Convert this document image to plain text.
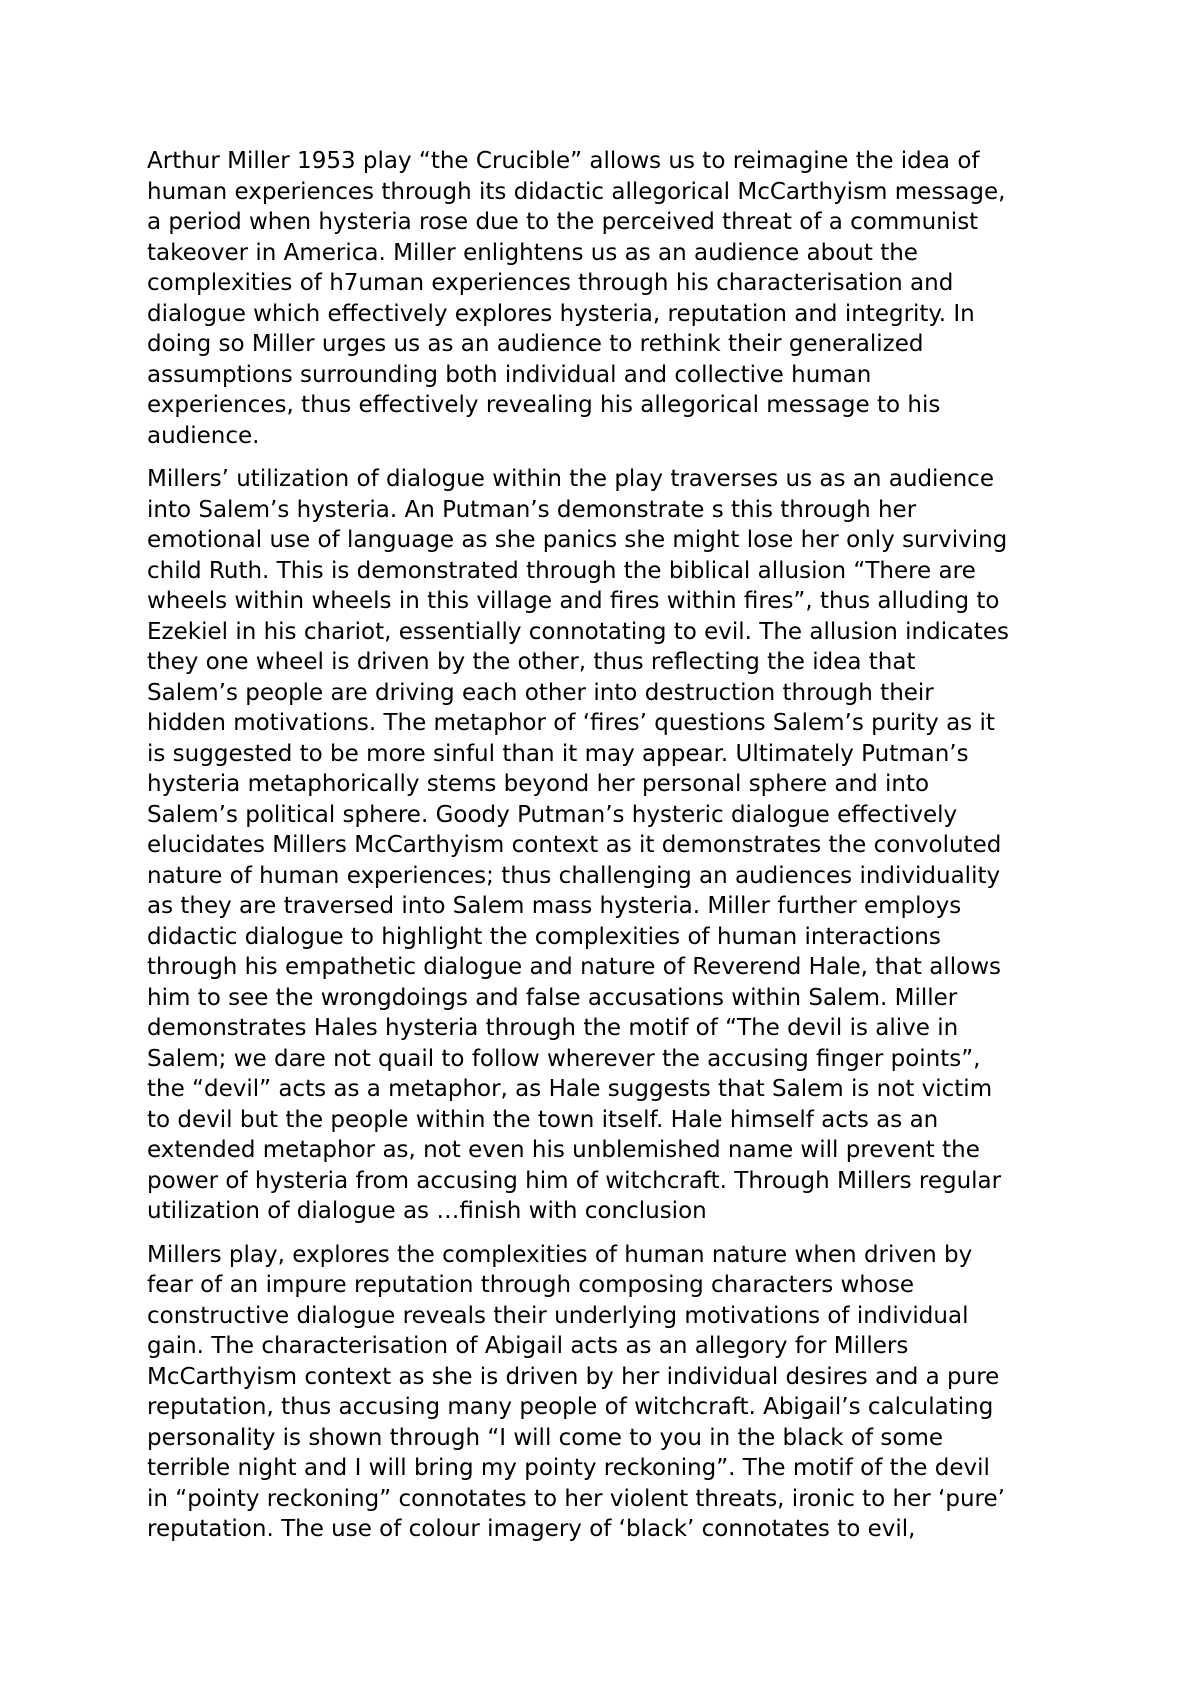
Arthur Miller 1953 play “the Crucible” allows us to reimagine the idea of
human experiences through its didactic allegorical McCarthyism message,
a period when hysteria rose due to the perceived threat of a communist
takeover in America. Miller enlightens us as an audience about the
complexities of h7uman experiences through his characterisation and
dialogue which effectively explores hysteria, reputation and integrity. In
doing so Miller urges us as an audience to rethink their generalized
assumptions surrounding both individual and collective human
experiences, thus effectively revealing his allegorical message to his
audience.

Millers’ utilization of dialogue within the play traverses us as an audience
into Salem’s hysteria. An Putman’s demonstrate s this through her
emotional use of language as she panics she might lose her only surviving
child Ruth. This is demonstrated through the biblical allusion “There are
wheels within wheels in this village and fires within fires”, thus alluding to
Ezekiel in his chariot, essentially connotating to evil. The allusion indicates
they one wheel is driven by the other, thus reflecting the idea that
Salem’s people are driving each other into destruction through their
hidden motivations. The metaphor of ‘fires’ questions Salem’s purity as it
is suggested to be more sinful than it may appear. Ultimately Putman’s
hysteria metaphorically stems beyond her personal sphere and into
Salem’s political sphere. Goody Putman’s hysteric dialogue effectively
elucidates Millers McCarthyism context as it demonstrates the convoluted
nature of human experiences; thus challenging an audiences individuality
as they are traversed into Salem mass hysteria. Miller further employs
didactic dialogue to highlight the complexities of human interactions
through his empathetic dialogue and nature of Reverend Hale, that allows
him to see the wrongdoings and false accusations within Salem. Miller
demonstrates Hales hysteria through the motif of “The devil is alive in
Salem; we dare not quail to follow wherever the accusing finger points”,
the “devil” acts as a metaphor, as Hale suggests that Salem is not victim
to devil but the people within the town itself. Hale himself acts as an
extended metaphor as, not even his unblemished name will prevent the
power of hysteria from accusing him of witchcraft. Through Millers regular
utilization of dialogue as …finish with conclusion

Millers play, explores the complexities of human nature when driven by
fear of an impure reputation through composing characters whose
constructive dialogue reveals their underlying motivations of individual
gain. The characterisation of Abigail acts as an allegory for Millers
McCarthyism context as she is driven by her individual desires and a pure
reputation, thus accusing many people of witchcraft. Abigail’s calculating
personality is shown through “I will come to you in the black of some
terrible night and I will bring my pointy reckoning”. The motif of the devil
in “pointy reckoning” connotates to her violent threats, ironic to her ‘pure’
reputation. The use of colour imagery of ‘black’ connotates to evil,
